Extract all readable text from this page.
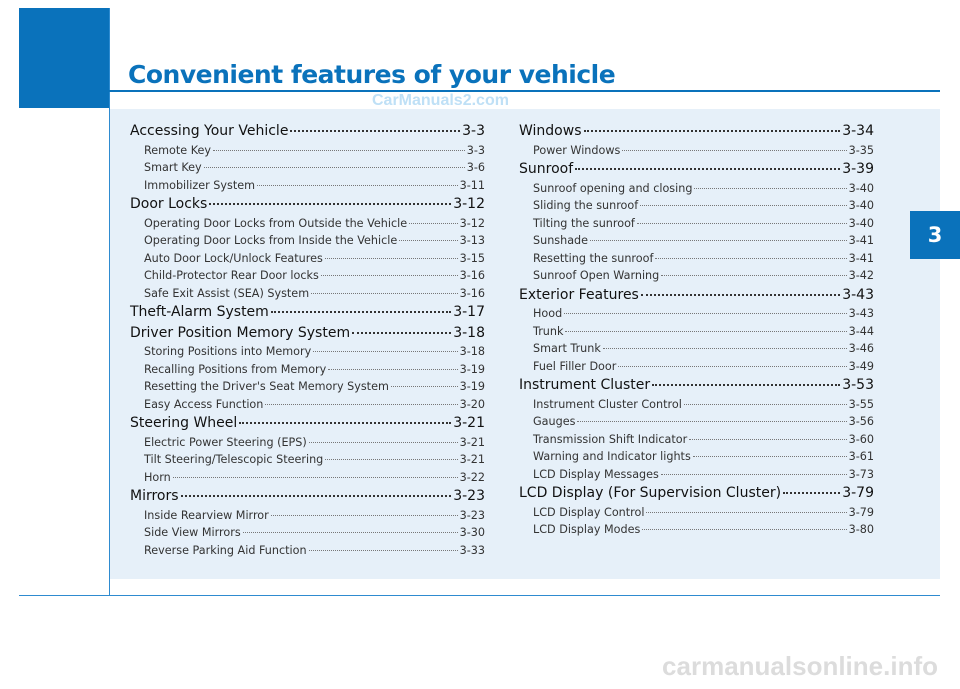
Convenient features of your vehicle
CarManuals2.com
Accessing Your Vehicle	3-3
Remote Key	3-3
Smart Key	3-6
Immobilizer System	3-11
Door Locks	3-12
Operating Door Locks from Outside the Vehicle	3-12
Operating Door Locks from Inside the Vehicle	3-13
Auto Door Lock/Unlock Features	3-15
Child-Protector Rear Door locks	3-16
Safe Exit Assist (SEA) System	3-16
Theft-Alarm System	3-17
Driver Position Memory System	3-18
Storing Positions into Memory	3-18
Recalling Positions from Memory	3-19
Resetting the Driver's Seat Memory System	3-19
Easy Access Function	3-20
Steering Wheel	3-21
Electric Power Steering (EPS)	3-21
Tilt Steering/Telescopic Steering	3-21
Horn	3-22
Mirrors	3-23
Inside Rearview Mirror	3-23
Side View Mirrors	3-30
Reverse Parking Aid Function	3-33
Windows	3-34
Power Windows	3-35
Sunroof	3-39
Sunroof opening and closing	3-40
Sliding the sunroof	3-40
Tilting the sunroof	3-40
Sunshade	3-41
Resetting the sunroof	3-41
Sunroof Open Warning	3-42
Exterior Features	3-43
Hood	3-43
Trunk	3-44
Smart Trunk	3-46
Fuel Filler Door	3-49
Instrument Cluster	3-53
Instrument Cluster Control	3-55
Gauges	3-56
Transmission Shift Indicator	3-60
Warning and Indicator lights	3-61
LCD Display Messages	3-73
LCD Display (For Supervision Cluster)	3-79
LCD Display Control	3-79
LCD Display Modes	3-80
3
carmanualsonline.info
